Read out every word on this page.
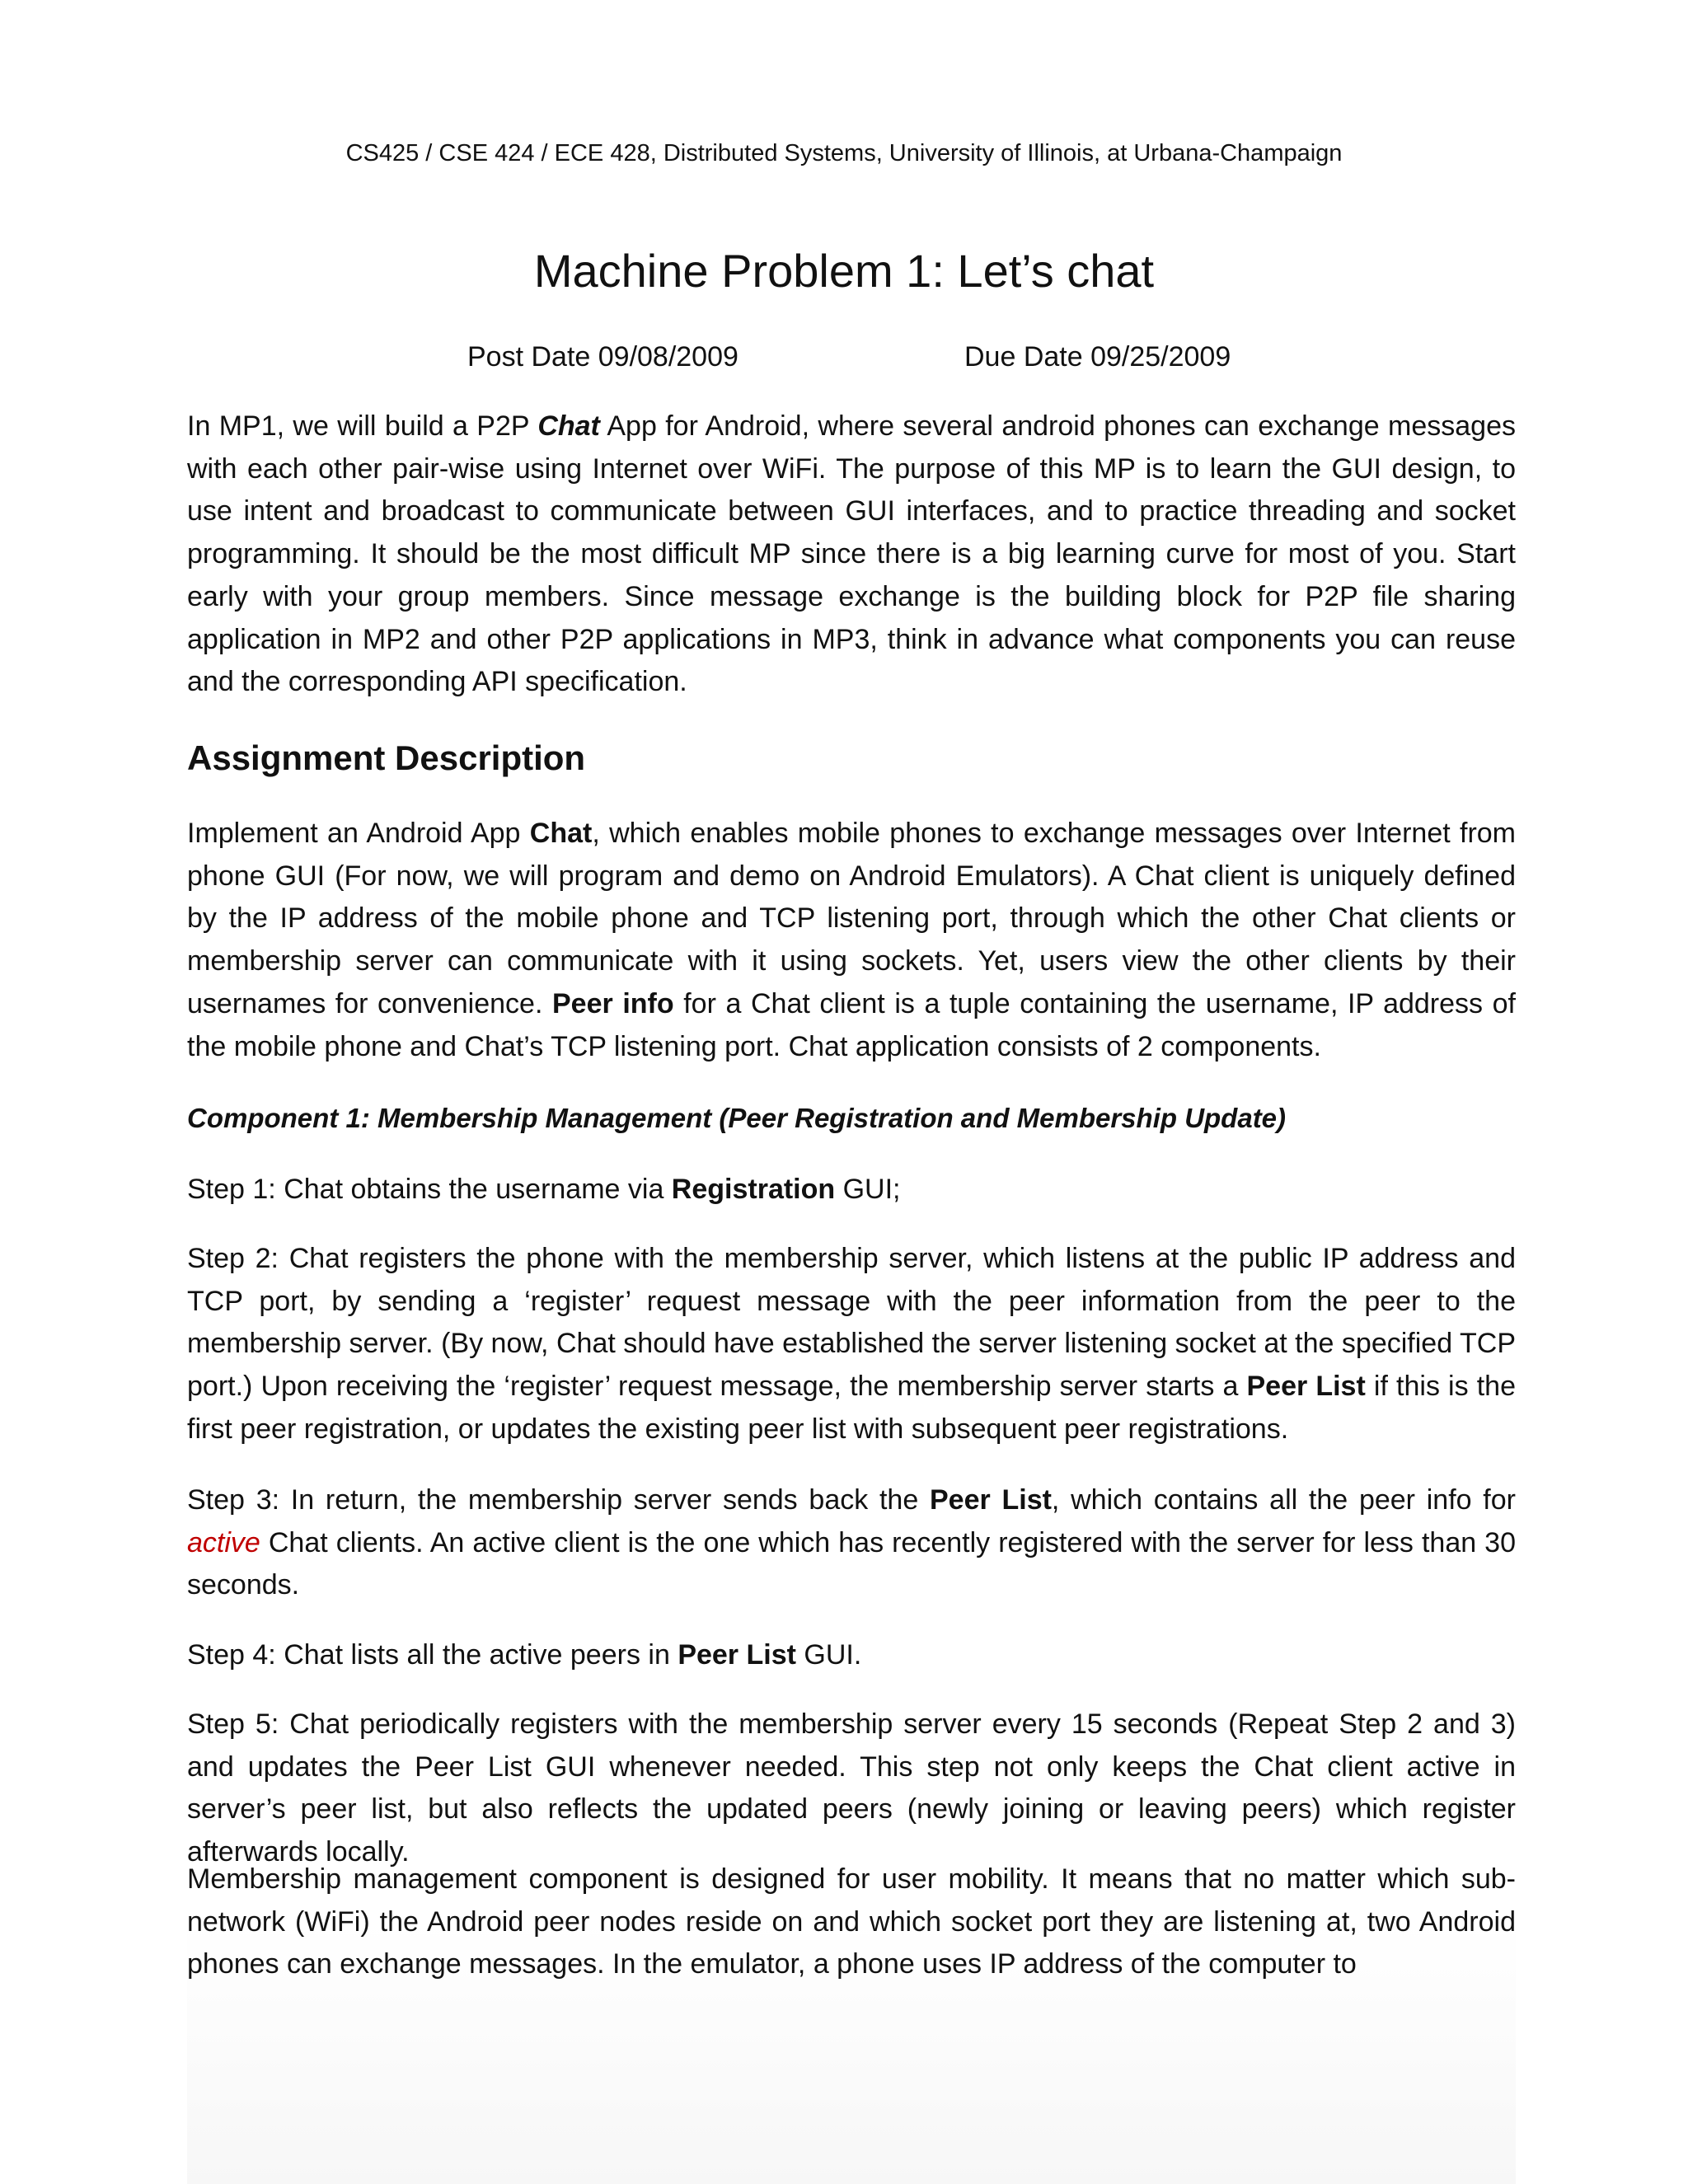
CS425 / CSE 424 / ECE 428, Distributed Systems, University of Illinois, at Urbana-Champaign
Machine Problem 1: Let’s chat
Post Date 09/08/2009	Due Date 09/25/2009

In MP1, we will build a P2P Chat App for Android, where several android phones can exchange messages with each other pair-wise using Internet over WiFi. The purpose of this MP is to learn the GUI design, to use intent and broadcast to communicate between GUI interfaces, and to practice threading and socket programming. It should be the most difficult MP since there is a big learning curve for most of you. Start early with your group members. Since message exchange is the building block for P2P file sharing application in MP2 and other P2P applications in MP3, think in advance what components you can reuse and the corresponding API specification.

Assignment Description

Implement an Android App Chat, which enables mobile phones to exchange messages over Internet from phone GUI (For now, we will program and demo on Android Emulators). A Chat client is uniquely defined by the IP address of the mobile phone and TCP listening port, through which the other Chat clients or membership server can communicate with it using sockets. Yet, users view the other clients by their usernames for convenience. Peer info for a Chat client is a tuple containing the username, IP address of the mobile phone and Chat’s TCP listening port. Chat application consists of 2 components.

Component 1: Membership Management (Peer Registration and Membership Update)

Step 1: Chat obtains the username via Registration GUI;

Step 2: Chat registers the phone with the membership server, which listens at the public IP address and TCP port, by sending a ‘register’ request message with the peer information from the peer to the membership server. (By now, Chat should have established the server listening socket at the specified TCP port.) Upon receiving the ‘register’ request message, the membership server starts a Peer List if this is the first peer registration, or updates the existing peer list with subsequent peer registrations.

Step 3: In return, the membership server sends back the Peer List, which contains all the peer info for active Chat clients. An active client is the one which has recently registered with the server for less than 30 seconds.

Step 4: Chat lists all the active peers in Peer List GUI.

Step 5: Chat periodically registers with the membership server every 15 seconds (Repeat Step 2 and 3) and updates the Peer List GUI whenever needed. This step not only keeps the Chat client active in server’s peer list, but also reflects the updated peers (newly joining or leaving peers) which register afterwards locally.

Membership management component is designed for user mobility. It means that no matter which sub-network (WiFi) the Android peer nodes reside on and which socket port they are listening at, two Android phones can exchange messages. In the emulator, a phone uses IP address of the computer to
